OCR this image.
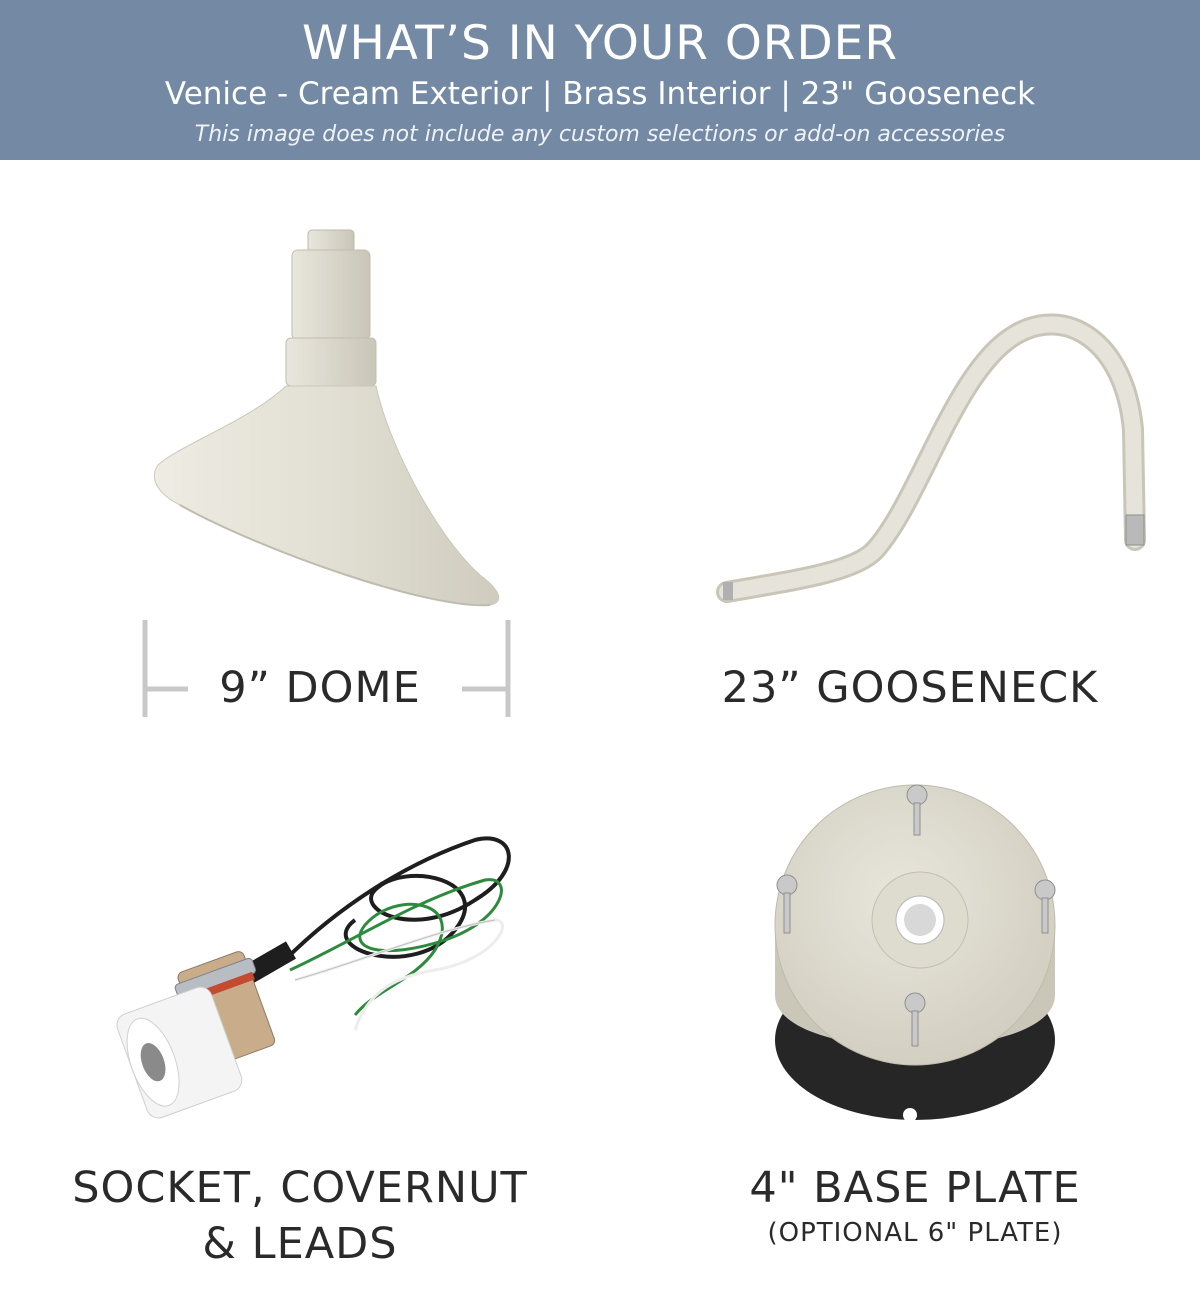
WHAT’S IN YOUR ORDER
Venice - Cream Exterior | Brass Interior | 23" Gooseneck
This image does not include any custom selections or add-on accessories
9” DOME	23” GOOSENECK
SOCKET, COVERNUT
& LEADS
4" BASE PLATE
(OPTIONAL 6" PLATE)
